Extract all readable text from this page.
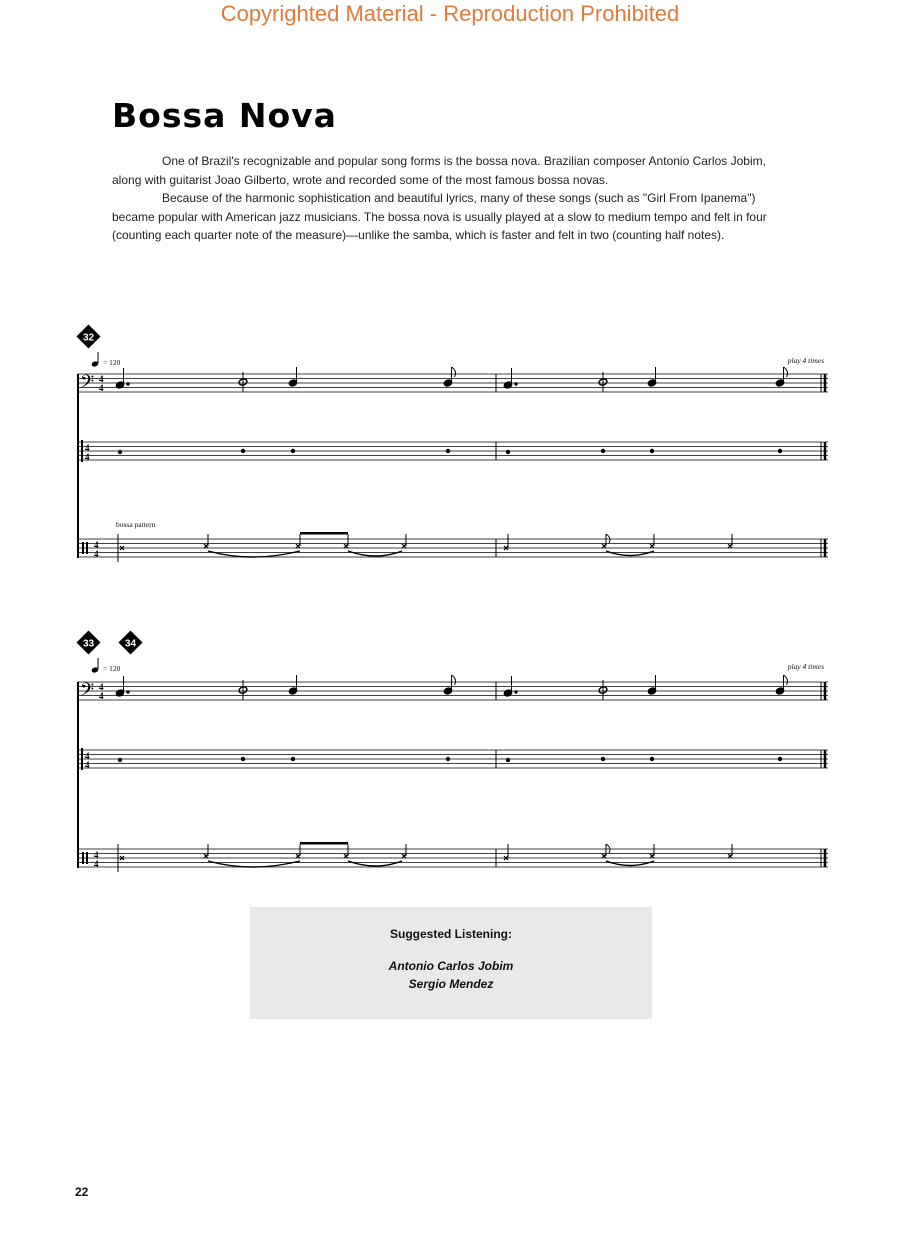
Copyrighted Material - Reproduction Prohibited
Bossa Nova

One of Brazil's recognizable and popular song forms is the bossa nova. Brazilian composer Antonio Carlos Jobim, along with guitarist Joao Gilberto, wrote and recorded some of the most famous bossa novas.

Because of the harmonic sophistication and beautiful lyrics, many of these songs (such as "Girl From Ipanema") became popular with American jazz musicians. The bossa nova is usually played at a slow to medium tempo and felt in four (counting each quarter note of the measure)—unlike the samba, which is faster and felt in two (counting half notes).

32
= 120	play 4 times
𝄢 4
4
4
4
bossa pattern
4
4
33	34
= 120	play 4 times
𝄢 4
4
4
4
4
4
Suggested Listening:
Antonio Carlos Jobim
Sergio Mendez
22
